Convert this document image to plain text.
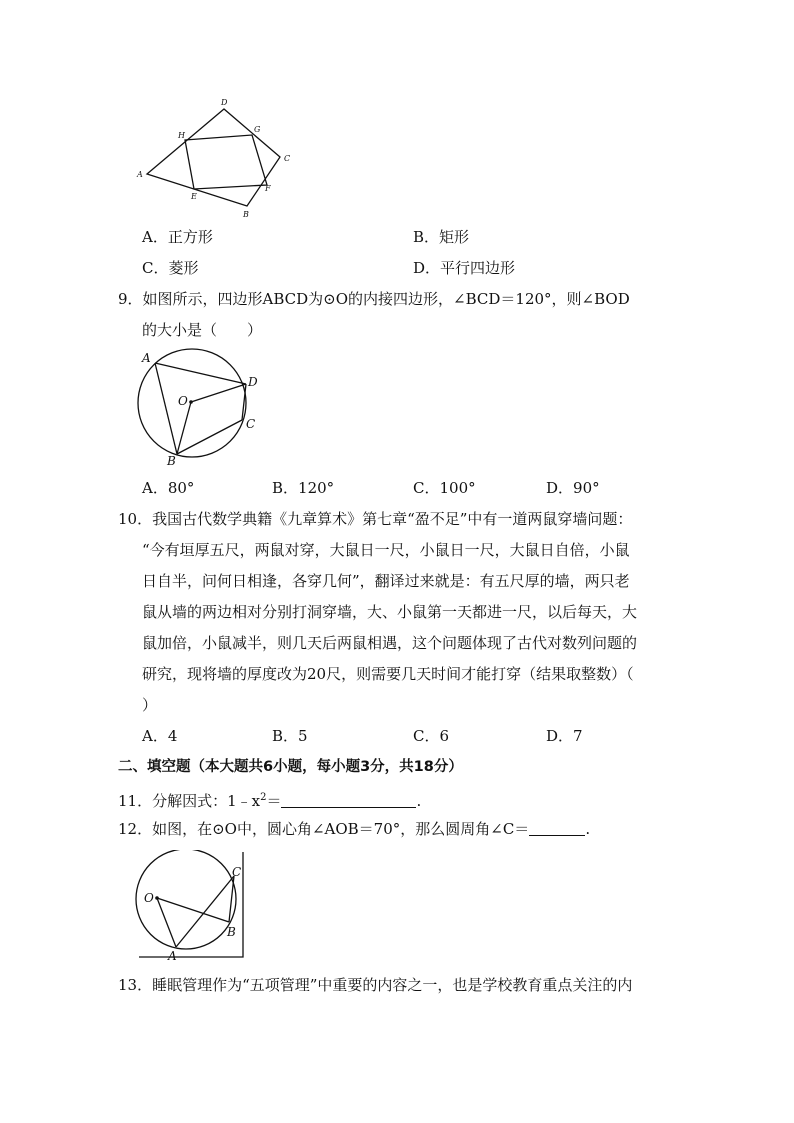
D
H
G
C
A
F
E
B
A．正方形	B．矩形
C．菱形	D．平行四边形
9．如图所示，四边形ABCD为⊙O的内接四边形，∠BCD＝120°，则∠BOD
的大小是（　　）
A
D
O
C
B
A．80°	B．120°	C．100°	D．90°
10．我国古代数学典籍《九章算术》第七章“盈不足”中有一道两鼠穿墙问题：
“今有垣厚五尺，两鼠对穿，大鼠日一尺，小鼠日一尺，大鼠日自倍，小鼠
日自半，问何日相逢，各穿几何”，翻译过来就是：有五尺厚的墙，两只老
鼠从墙的两边相对分别打洞穿墙，大、小鼠第一天都进一尺，以后每天，大
鼠加倍，小鼠减半，则几天后两鼠相遇，这个问题体现了古代对数列问题的
研究，现将墙的厚度改为20尺，则需要几天时间才能打穿（结果取整数）（
）
A．4	B．5	C．6	D．7
二、填空题（本大题共6小题，每小题3分，共18分）
11．分解因式：$1﹣x^2=$	.
12．如图，在⊙O中，圆心角∠AOB＝70°，那么圆周角∠C＝	.
O
C
B
A
13．睡眠管理作为“五项管理”中重要的内容之一，也是学校教育重点关注的内
